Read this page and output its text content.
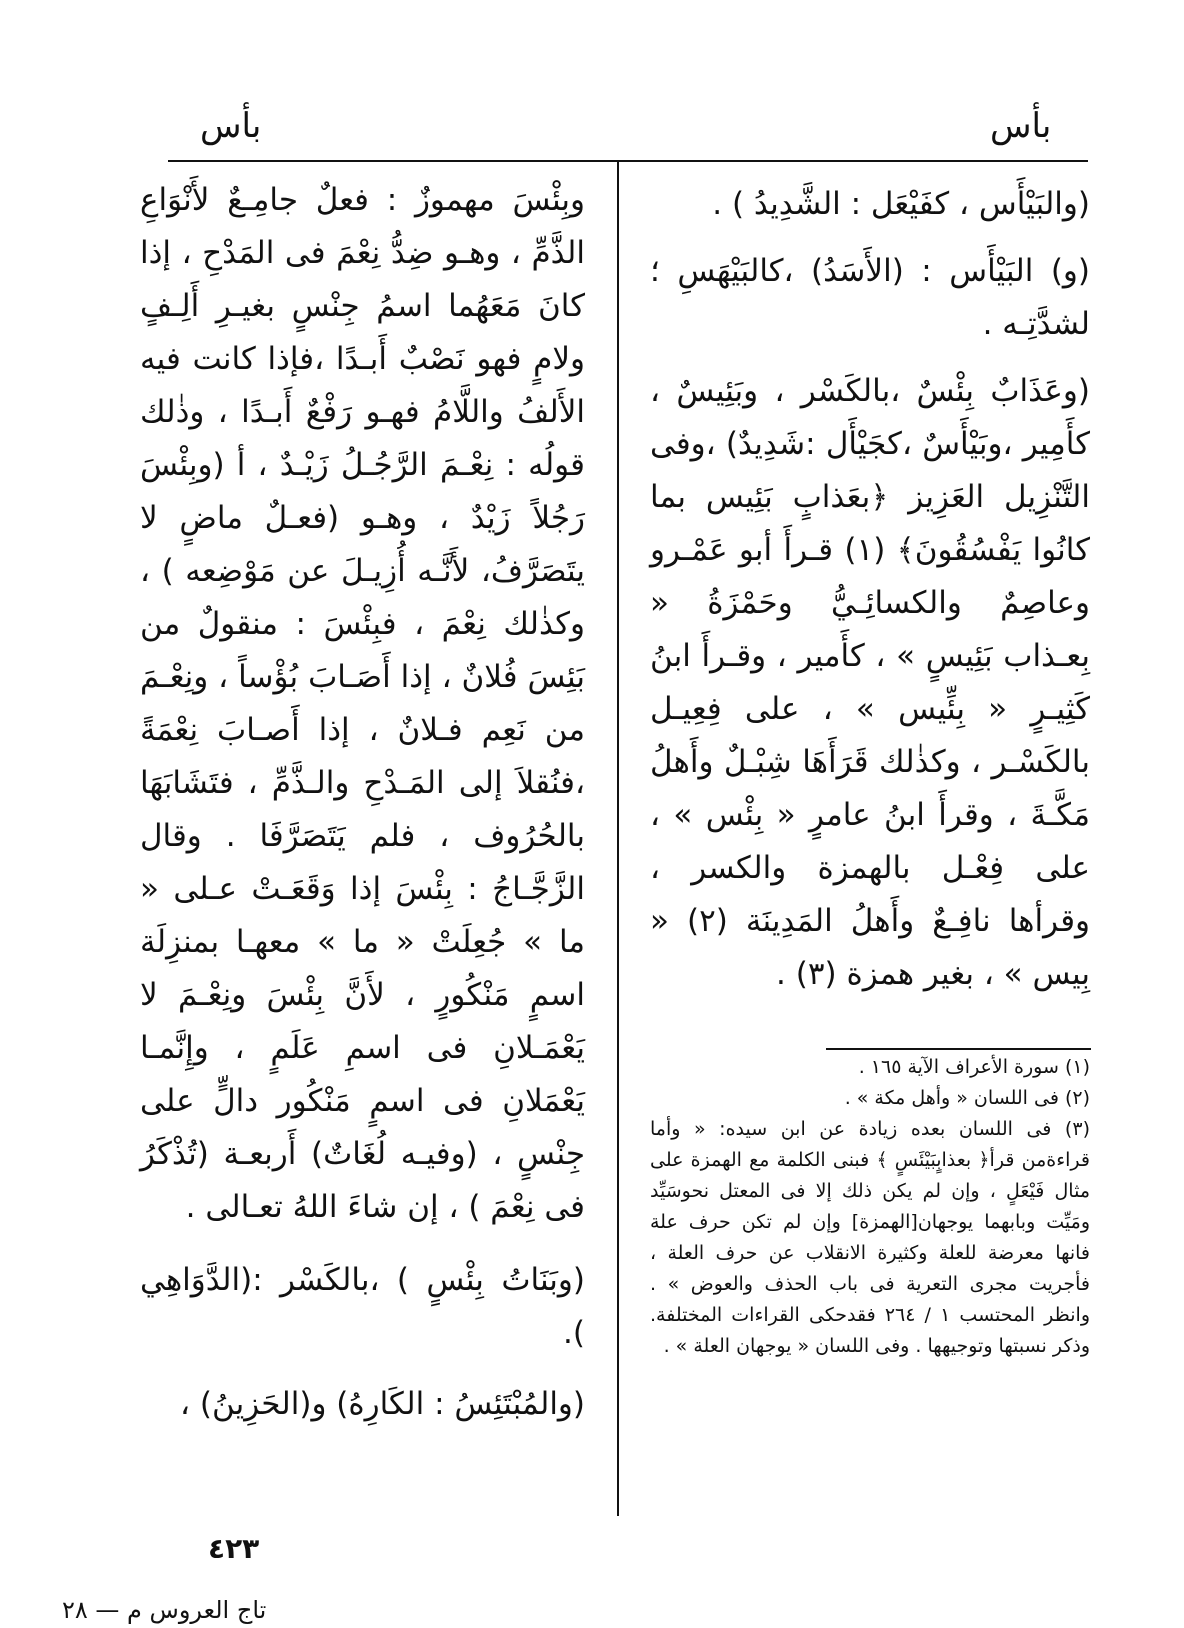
بأس
بأس

(والبَيْأَس ، كفَيْعَل : الشَّدِيدُ ) .

(و) البَيْأَس : (الأَسَدُ) ،كالبَيْهَسِ ؛ لشدَّتِـه .

(وعَذَابٌ بِئْسٌ ،بالكَسْر ، وبَئِيسٌ ، كأَمِير ،وبَيْأَسٌ ،كجَيْأَل :شَدِيدٌ) ،وفى التَّنْزِيل العَزِيز ﴿بعَذابٍ بَئِيس بما كانُوا يَفْسُقُونَ﴾ (١) قـرأَ أبو عَمْـرو وعاصِمٌ والكسائِـيُّ وحَمْزَةُ « بِعـذاب بَئِيسٍ » ، كأَمير ، وقـرأَ ابنُ كَثِيـرٍ « بِئِّيس » ، على فِعِيـل بالكَسْـر ، وكذٰلك قَرَأَهَا شِبْـلٌ وأَهلُ مَكَّـةَ ، وقرأَ ابنُ عامرٍ « بِئْس » ، على فِعْـل بالهمزة والكسر ، وقرأها نافِـعٌ وأَهلُ المَدِينَة (٢) « بِيس » ، بغير همزة (٣) .

(١) سورة الأعراف الآية ١٦٥ .

(٢) فى اللسان « وأهل مكة » .

(٣) فى اللسان بعده زيادة عن ابن سيده: « وأما قراءةمن قرأ﴿ بعذابٍبَيْئَسٍ ﴾ فبنى الكلمة مع الهمزة على مثال فَيْعَلٍ ، وإن لم يكن ذلك إلا فى المعتل نحوسَيِّد ومَيِّت وبابهما يوجهان[الهمزة] وإن لم تكن حرف علة فانها معرضة للعلة وكثيرة الانقلاب عن حرف العلة ، فأجريت مجرى التعرية فى باب الحذف والعوض » . وانظر المحتسب ١ / ٢٦٤ فقدحكى القراءات المختلفة. وذكر نسبتها وتوجيهها . وفى اللسان « يوجهان العلة » .

وبِئْسَ مهموزٌ : فعلٌ جامِـعٌ لأَنْوَاعِ الذَّمِّ ، وهـو ضِدُّ نِعْمَ فى المَدْحِ ، إذا كانَ مَعَهُما اسمُ جِنْسٍ بغيـرِ أَلِـفٍ ولامٍ فهو نَصْبٌ أَبـدًا ،فإذا كانت فيه الأَلفُ واللَّامُ فهـو رَفْعٌ أَبـدًا ، وذٰلك قولُه : نِعْـمَ الرَّجُـلُ زَيْـدٌ ، أ (وبِئْسَ رَجُلاً زَيْدٌ ، وهـو (فعـلٌ ماضٍ لا يتَصَرَّفُ، لأَنَّـه أُزِيـلَ عن مَوْضِعه ) ، وكذٰلك نِعْمَ ، فبِئْسَ : منقولٌ من بَئِسَ فُلانٌ ، إذا أَصَـابَ بُؤْساً ، ونِعْـمَ من نَعِم فـلانٌ ، إذا أَصـابَ نِعْمَةً ،فنُقلاَ إلى المَـدْحِ والـذَّمِّ ، فتَشَابَهَا بالحُرُوف ، فلم يَتَصَرَّفَا . وقال الزَّجَّـاجُ : بِئْسَ إذا وَقَعَـتْ عـلى « ما » جُعِلَتْ « ما » معهـا بمنزِلَة اسمٍ مَنْكُورٍ ، لأَنَّ بِئْسَ ونِعْـمَ لا يَعْمَـلانِ فى اسمِ عَلَمٍ ، وإِنَّمـا يَعْمَلانِ فى اسمٍ مَنْكُور دالٍّ على جِنْسٍ ، (وفيـه لُغَاتٌ) أَربعـة (تُذْكَرُ فى نِعْمَ ) ، إن شاءَ اللهُ تعـالى .

(وبَنَاتُ بِئْسٍ ) ،بالكَسْر :(الدَّوَاهِي ).

(والمُبْتَئِسُ : الكَارِهُ) و(الحَزِينُ) ،

٤٢٣
تاج العروس م — ٢٨
